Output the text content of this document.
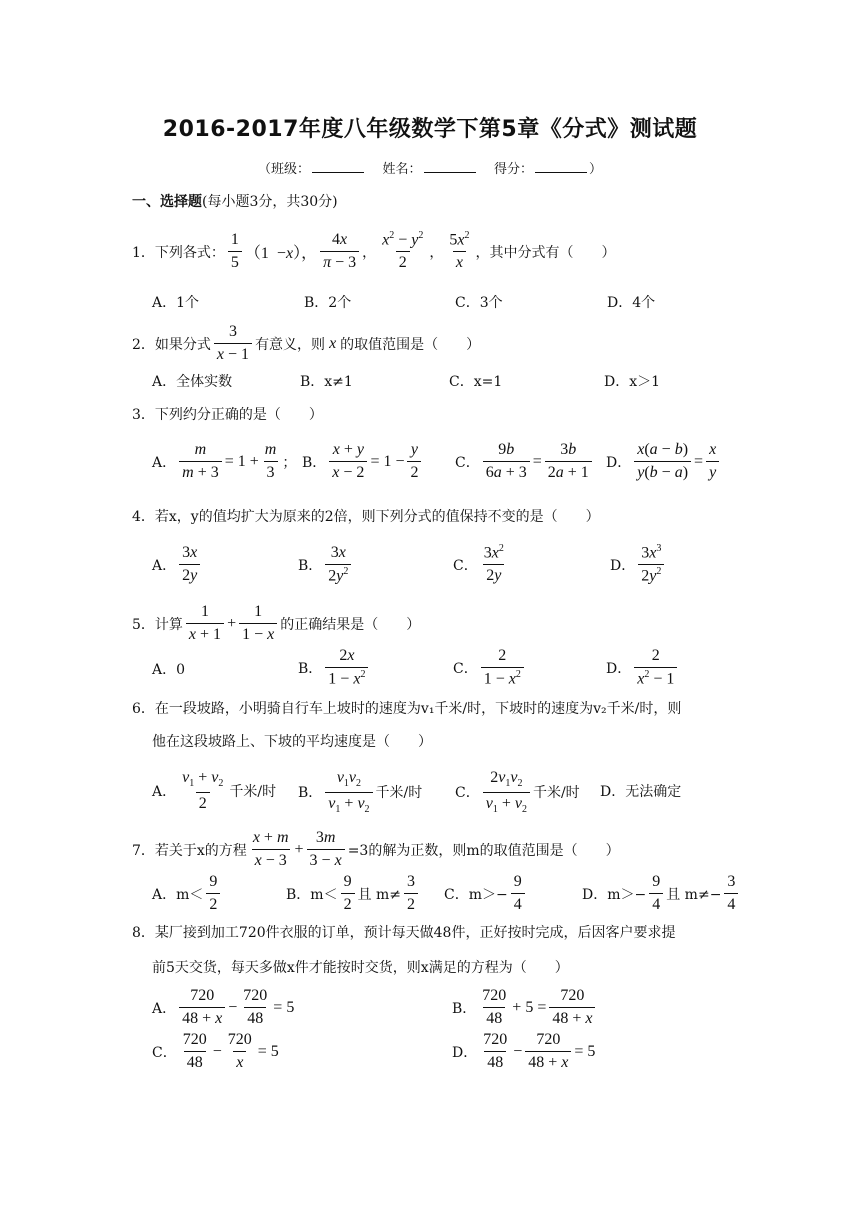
2016-2017年度八年级数学下第5章《分式》测试题
（班级：	姓名：	得分：	）
一、选择题(每小题3分，共30分)
1．下列各式： $\frac{1}{5} (1 -x)$， $\frac{4x}{\pi - 3}$ ， $\frac{x^2 - y^2}{2}$ ， $\frac{5x^2}{x}$ ，其中分式有（　　）
A．1个	B．2个	C．3个	D．4个
2．如果分式 $\frac{3}{x - 1}$ 有意义，则 x 的取值范围是（　　）
A．全体实数	B．x≠1	C．x=1	D．x＞1
3．下列约分正确的是（　　）
A． $\frac{m}{m + 3} = 1 + \frac{m}{3}$ ； B． $\frac{x + y}{x - 2} = 1 - \frac{y}{2}$ C． $\frac{9b}{6a + 3} = \frac{3b}{2a + 1}$ D． $\frac{x(a - b)}{y(b - a)} = \frac{x}{y}$
4．若x，y的值均扩大为原来的2倍，则下列分式的值保持不变的是（　　）
A． $\frac{3x}{2y}$	B． $\frac{3x}{2y^2}$	C． $\frac{3x^2}{2y}$	D． $\frac{3x^3}{2y^2}$
5．计算 $\frac{1}{x + 1} + \frac{1}{1 - x}$ 的正确结果是（　　）
A．0	B． $\frac{2x}{1 - x^2}$	C． $\frac{2}{1 - x^2}$	D． $\frac{2}{x^2 - 1}$
6．在一段坡路，小明骑自行车上坡时的速度为v₁千米/时，下坡时的速度为v₂千米/时，则
他在这段坡路上、下坡的平均速度是（　　）
A． $\frac{v_1 + v_2}{2}$ 千米/时 B． $\frac{v_1v_2}{v_1 + v_2}$ 千米/时 C． $\frac{2v_1v_2}{v_1 + v_2}$ 千米/时 D．无法确定
7．若关于x的方程 $\frac{x + m}{x - 3} + \frac{3m}{3 - x} =3$的解为正数，则m的取值范围是（　　）
A．$m< \frac{9}{2}$	B．$m< \frac{9}{2}$ 且 $m\ne \frac{3}{2}$ C．$m>- \frac{9}{4}$	D．$m>- \frac{9}{4}$ 且 $m\ne- \frac{3}{4}$
8．某厂接到加工720件衣服的订单，预计每天做48件，正好按时完成，后因客户要求提
前5天交货，每天多做x件才能按时交货，则x满足的方程为（　　）
A． $\frac{720}{48 + x} - \frac{720}{48} = 5$	B． $\frac{720}{48} + 5 = \frac{720}{48 + x}$
C． $\frac{720}{48} - \frac{720}{x} = 5$	D． $\frac{720}{48} - \frac{720}{48 + x} = 5$
